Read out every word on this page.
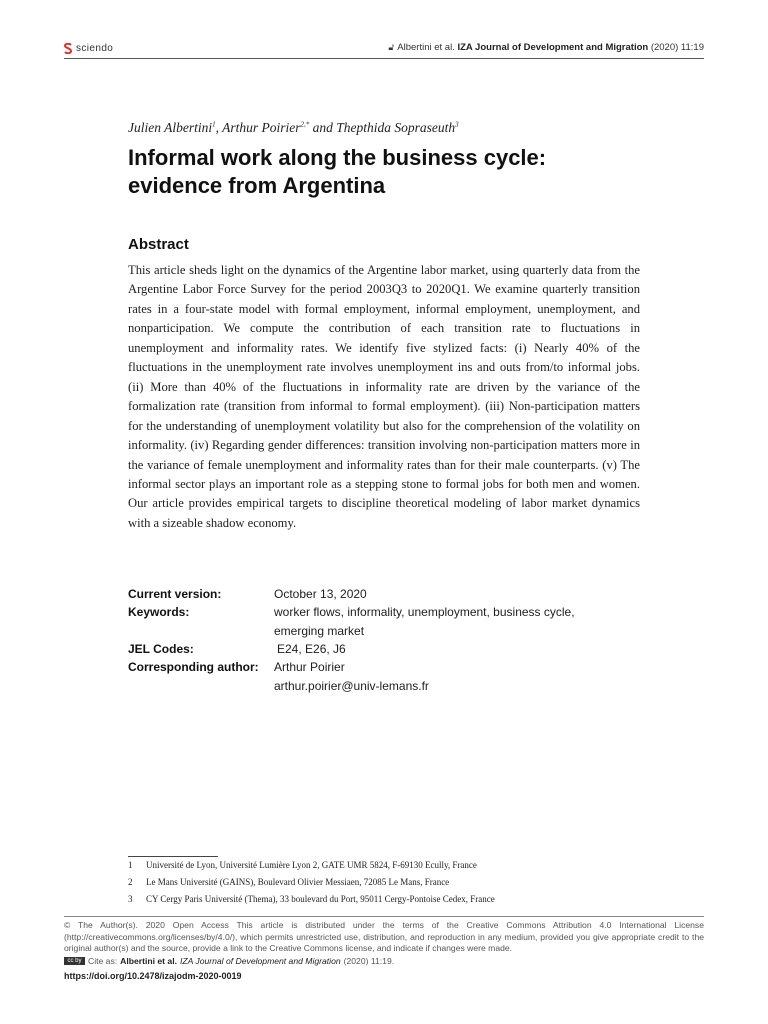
sciendo	🔓︎ Albertini et al. IZA Journal of Development and Migration (2020) 11:19
Julien Albertini$^1$, Arthur Poirier$^{2,*}$ and Thepthida Sopraseuth$^3$
Informal work along the business cycle:
evidence from Argentina
Abstract
This article sheds light on the dynamics of the Argentine labor market, using quarterly data from the Argentine Labor Force Survey for the period 2003Q3 to 2020Q1. We examine quarterly transition rates in a four-state model with formal employment, informal employment, unemployment, and nonparticipation. We compute the contribution of each transition rate to fluctuations in unemployment and informality rates. We identify five stylized facts: (i) Nearly 40% of the fluctuations in the unemployment rate involves unemployment ins and outs from/to informal jobs. (ii) More than 40% of the fluctuations in informality rate are driven by the variance of the formalization rate (transition from informal to formal employment). (iii) Non-participation matters for the understanding of unemployment volatility but also for the comprehension of the volatility on informality. (iv) Regarding gender differences: transition involving non-participation matters more in the variance of female unemployment and informality rates than for their male counterparts. (v) The informal sector plays an important role as a stepping stone to formal jobs for both men and women. Our article provides empirical targets to discipline theoretical modeling of labor market dynamics with a sizeable shadow economy.
Current version:	October 13, 2020
Keywords:	worker flows, informality, unemployment, business cycle,
emerging market
JEL Codes:	E24, E26, J6
Corresponding author: Arthur Poirier
arthur.poirier@univ-lemans.fr
1 Université de Lyon, Université Lumière Lyon 2, GATE UMR 5824, F-69130 Ecully, France
2 Le Mans Université (GAINS), Boulevard Olivier Messiaen, 72085 Le Mans, France
3 CY Cergy Paris Université (Thema), 33 boulevard du Port, 95011 Cergy-Pontoise Cedex, France
© The Author(s). 2020 Open Access This article is distributed under the terms of the Creative Commons Attribution 4.0 International License (http://creativecommons.org/licenses/by/4.0/), which permits unrestricted use, distribution, and reproduction in any medium, provided you give appropriate credit to the original author(s) and the source, provide a link to the Creative Commons license, and indicate if changes were made.
cc by Cite as: Albertini et al. IZA Journal of Development and Migration (2020) 11:19.
https://doi.org/10.2478/izajodm-2020-0019
